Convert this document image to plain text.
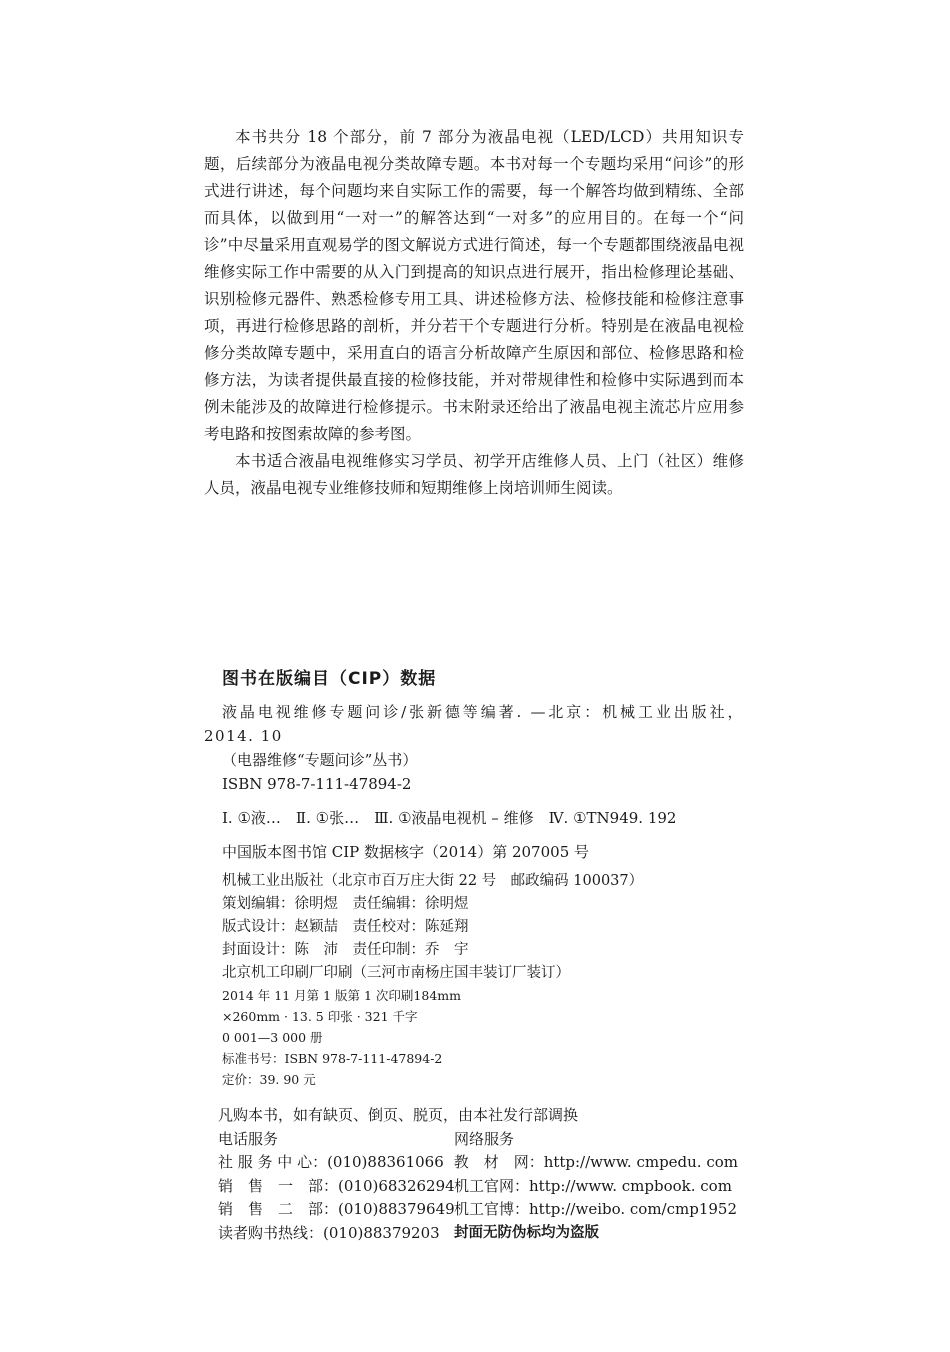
本书共分 18 个部分，前 7 部分为液晶电视（LED/LCD）共用知识专题，后续部分为液晶电视分类故障专题。本书对每一个专题均采用“问诊”的形式进行讲述，每个问题均来自实际工作的需要，每一个解答均做到精练、全部而具体，以做到用“一对一”的解答达到“一对多”的应用目的。在每一个“问诊”中尽量采用直观易学的图文解说方式进行简述，每一个专题都围绕液晶电视维修实际工作中需要的从入门到提高的知识点进行展开，指出检修理论基础、识别检修元器件、熟悉检修专用工具、讲述检修方法、检修技能和检修注意事项，再进行检修思路的剖析，并分若干个专题进行分析。特别是在液晶电视检修分类故障专题中，采用直白的语言分析故障产生原因和部位、检修思路和检修方法，为读者提供最直接的检修技能，并对带规律性和检修中实际遇到而本例未能涉及的故障进行检修提示。书末附录还给出了液晶电视主流芯片应用参考电路和按图索故障的参考图。

本书适合液晶电视维修实习学员、初学开店维修人员、上门（社区）维修人员，液晶电视专业维修技师和短期维修上岗培训师生阅读。

图书在版编目（CIP）数据
液晶电视维修专题问诊/张新德等编著. —北京：机械工业出版社，2014. 10
（电器维修“专题问诊”丛书）
ISBN 978-7-111-47894-2
Ⅰ. ①液…　Ⅱ. ①张…　Ⅲ. ①液晶电视机 – 维修　Ⅳ. ①TN949. 192
中国版本图书馆 CIP 数据核字（2014）第 207005 号
机械工业出版社（北京市百万庄大街 22 号　邮政编码 100037）
策划编辑：徐明煜　责任编辑：徐明煜
版式设计：赵颖喆　责任校对：陈延翔
封面设计：陈　沛　责任印制：乔　宇
北京机工印刷厂印刷（三河市南杨庄国丰装订厂装订）
2014 年 11 月第 1 版第 1 次印刷184mm
×260mm · 13. 5 印张 · 321 千字
0 001—3 000 册
标准书号：ISBN 978-7-111-47894-2
定价：39. 90 元
凡购本书，如有缺页、倒页、脱页，由本社发行部调换
电话服务	网络服务
社 服 务 中 心：(010)88361066 教　材　网：http://www. cmpedu. com
销　售　一　部：(010)68326294 机工官网：http://www. cmpbook. com
销　售　二　部：(010)88379649 机工官博：http://weibo. com/cmp1952
读者购书热线：(010)88379203 封面无防伪标均为盗版
